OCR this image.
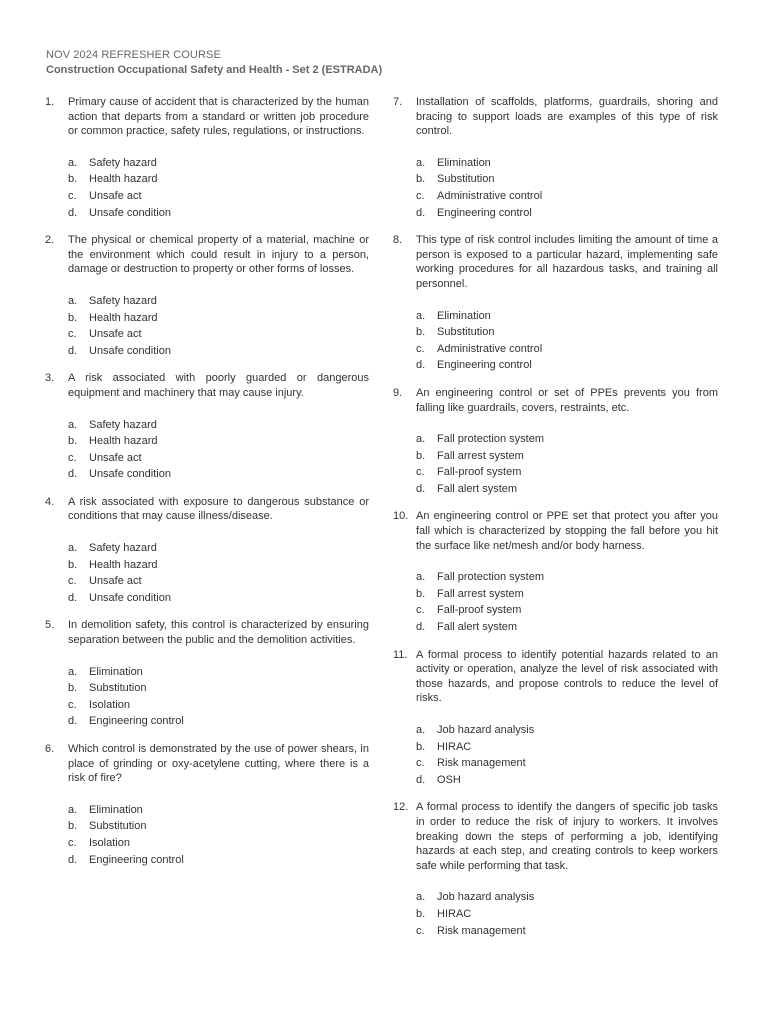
NOV 2024 REFRESHER COURSE
Construction Occupational Safety and Health - Set 2 (ESTRADA)
1. Primary cause of accident that is characterized by the human action that departs from a standard or written job procedure or common practice, safety rules, regulations, or instructions.
a. Safety hazard
b. Health hazard
c. Unsafe act
d. Unsafe condition
2. The physical or chemical property of a material, machine or the environment which could result in injury to a person, damage or destruction to property or other forms of losses.
a. Safety hazard
b. Health hazard
c. Unsafe act
d. Unsafe condition
3. A risk associated with poorly guarded or dangerous equipment and machinery that may cause injury.
a. Safety hazard
b. Health hazard
c. Unsafe act
d. Unsafe condition
4. A risk associated with exposure to dangerous substance or conditions that may cause illness/disease.
a. Safety hazard
b. Health hazard
c. Unsafe act
d. Unsafe condition
5. In demolition safety, this control is characterized by ensuring separation between the public and the demolition activities.
a. Elimination
b. Substitution
c. Isolation
d. Engineering control
6. Which control is demonstrated by the use of power shears, in place of grinding or oxy-acetylene cutting, where there is a risk of fire?
a. Elimination
b. Substitution
c. Isolation
d. Engineering control
7. Installation of scaffolds, platforms, guardrails, shoring and bracing to support loads are examples of this type of risk control.
a. Elimination
b. Substitution
c. Administrative control
d. Engineering control
8. This type of risk control includes limiting the amount of time a person is exposed to a particular hazard, implementing safe working procedures for all hazardous tasks, and training all personnel.
a. Elimination
b. Substitution
c. Administrative control
d. Engineering control
9. An engineering control or set of PPEs prevents you from falling like guardrails, covers, restraints, etc.
a. Fall protection system
b. Fall arrest system
c. Fall-proof system
d. Fall alert system
10. An engineering control or PPE set that protect you after you fall which is characterized by stopping the fall before you hit the surface like net/mesh and/or body harness.
a. Fall protection system
b. Fall arrest system
c. Fall-proof system
d. Fall alert system
11. A formal process to identify potential hazards related to an activity or operation, analyze the level of risk associated with those hazards, and propose controls to reduce the level of risks.
a. Job hazard analysis
b. HIRAC
c. Risk management
d. OSH
12. A formal process to identify the dangers of specific job tasks in order to reduce the risk of injury to workers. It involves breaking down the steps of performing a job, identifying hazards at each step, and creating controls to keep workers safe while performing that task.
a. Job hazard analysis
b. HIRAC
c. Risk management
